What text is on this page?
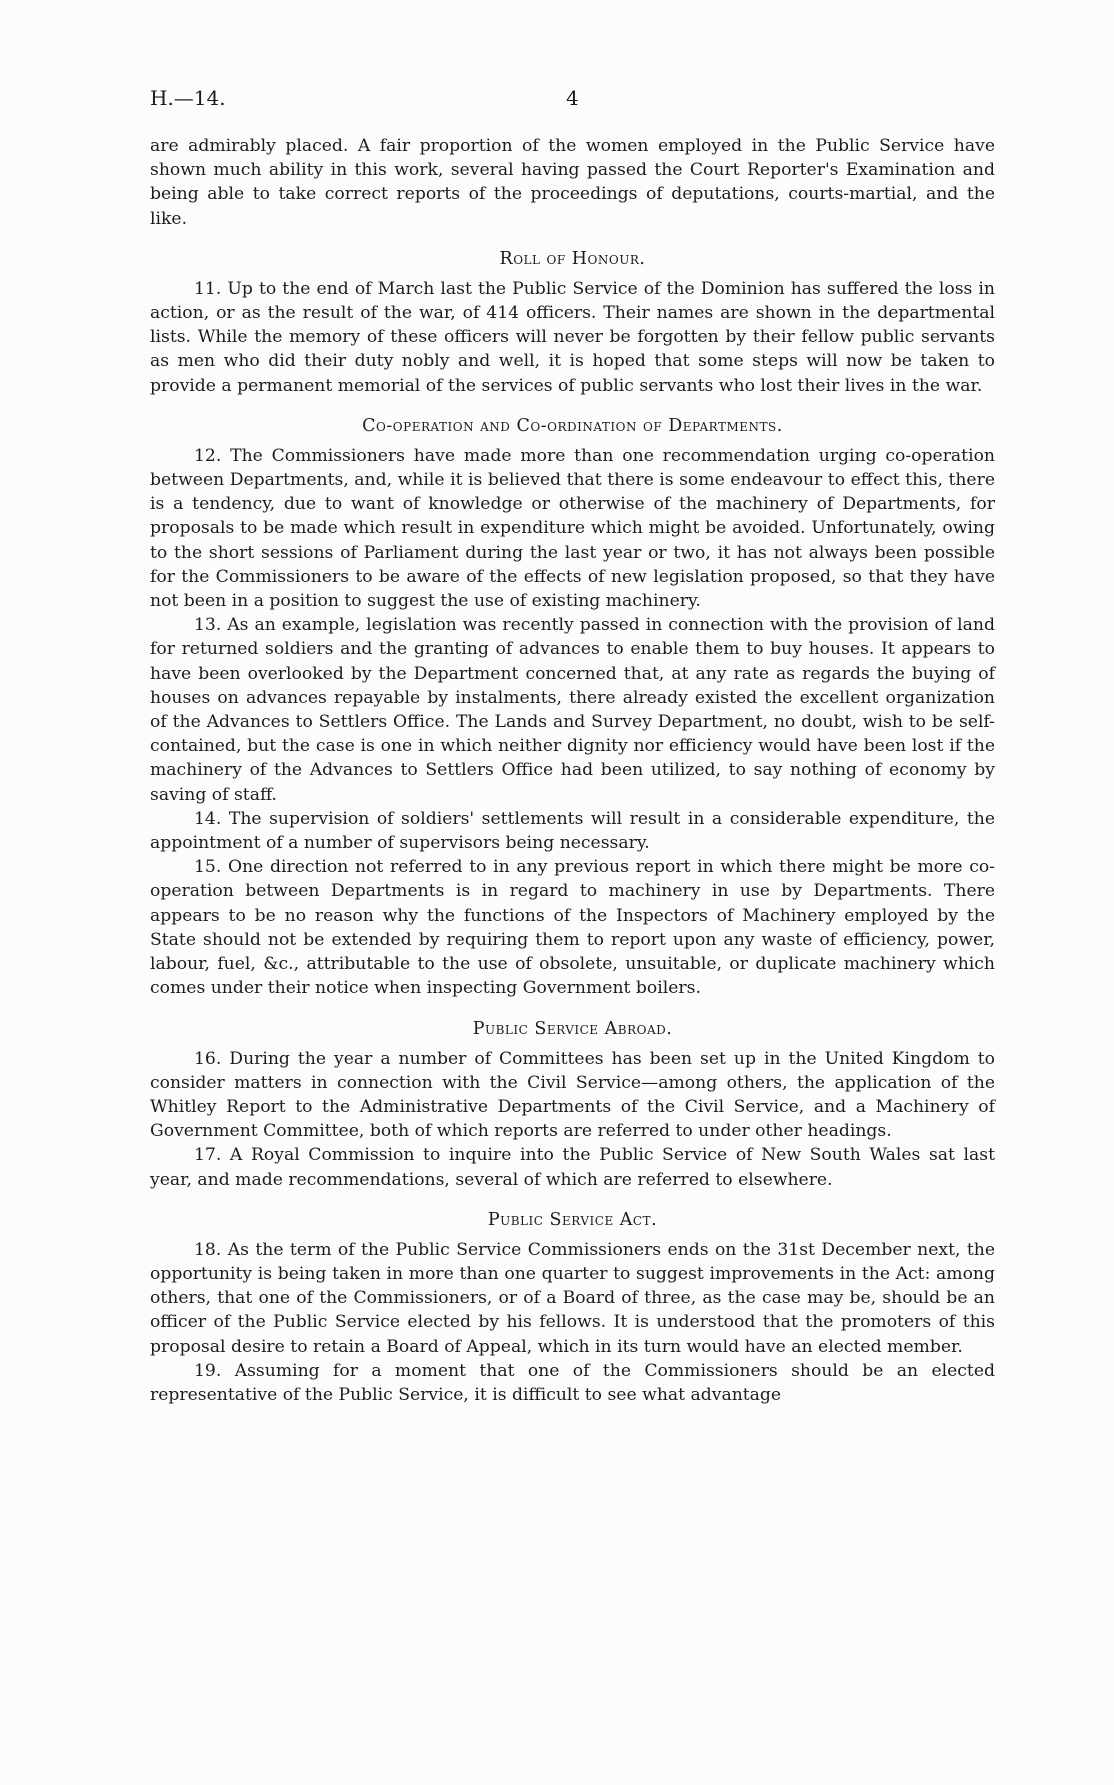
H.—14.	4

are admirably placed. A fair proportion of the women employed in the Public Service have shown much ability in this work, several having passed the Court Reporter's Examination and being able to take correct reports of the proceedings of deputations, courts-martial, and the like.

Roll of Honour.

11. Up to the end of March last the Public Service of the Dominion has suffered the loss in action, or as the result of the war, of 414 officers. Their names are shown in the departmental lists. While the memory of these officers will never be forgotten by their fellow public servants as men who did their duty nobly and well, it is hoped that some steps will now be taken to provide a permanent memorial of the services of public servants who lost their lives in the war.

Co-operation and Co-ordination of Departments.

12. The Commissioners have made more than one recommendation urging co-operation between Departments, and, while it is believed that there is some endeavour to effect this, there is a tendency, due to want of knowledge or otherwise of the machinery of Departments, for proposals to be made which result in expenditure which might be avoided. Unfortunately, owing to the short sessions of Parliament during the last year or two, it has not always been possible for the Commissioners to be aware of the effects of new legislation proposed, so that they have not been in a position to suggest the use of existing machinery.

13. As an example, legislation was recently passed in connection with the provision of land for returned soldiers and the granting of advances to enable them to buy houses. It appears to have been overlooked by the Department concerned that, at any rate as regards the buying of houses on advances repayable by instalments, there already existed the excellent organization of the Advances to Settlers Office. The Lands and Survey Department, no doubt, wish to be self-contained, but the case is one in which neither dignity nor efficiency would have been lost if the machinery of the Advances to Settlers Office had been utilized, to say nothing of economy by saving of staff.

14. The supervision of soldiers' settlements will result in a considerable expenditure, the appointment of a number of supervisors being necessary.

15. One direction not referred to in any previous report in which there might be more co-operation between Departments is in regard to machinery in use by Departments. There appears to be no reason why the functions of the Inspectors of Machinery employed by the State should not be extended by requiring them to report upon any waste of efficiency, power, labour, fuel, &c., attributable to the use of obsolete, unsuitable, or duplicate machinery which comes under their notice when inspecting Government boilers.

Public Service Abroad.

16. During the year a number of Committees has been set up in the United Kingdom to consider matters in connection with the Civil Service—among others, the application of the Whitley Report to the Administrative Departments of the Civil Service, and a Machinery of Government Committee, both of which reports are referred to under other headings.

17. A Royal Commission to inquire into the Public Service of New South Wales sat last year, and made recommendations, several of which are referred to elsewhere.

Public Service Act.

18. As the term of the Public Service Commissioners ends on the 31st December next, the opportunity is being taken in more than one quarter to suggest improvements in the Act: among others, that one of the Commissioners, or of a Board of three, as the case may be, should be an officer of the Public Service elected by his fellows. It is understood that the promoters of this proposal desire to retain a Board of Appeal, which in its turn would have an elected member.

19. Assuming for a moment that one of the Commissioners should be an elected representative of the Public Service, it is difficult to see what advantage
